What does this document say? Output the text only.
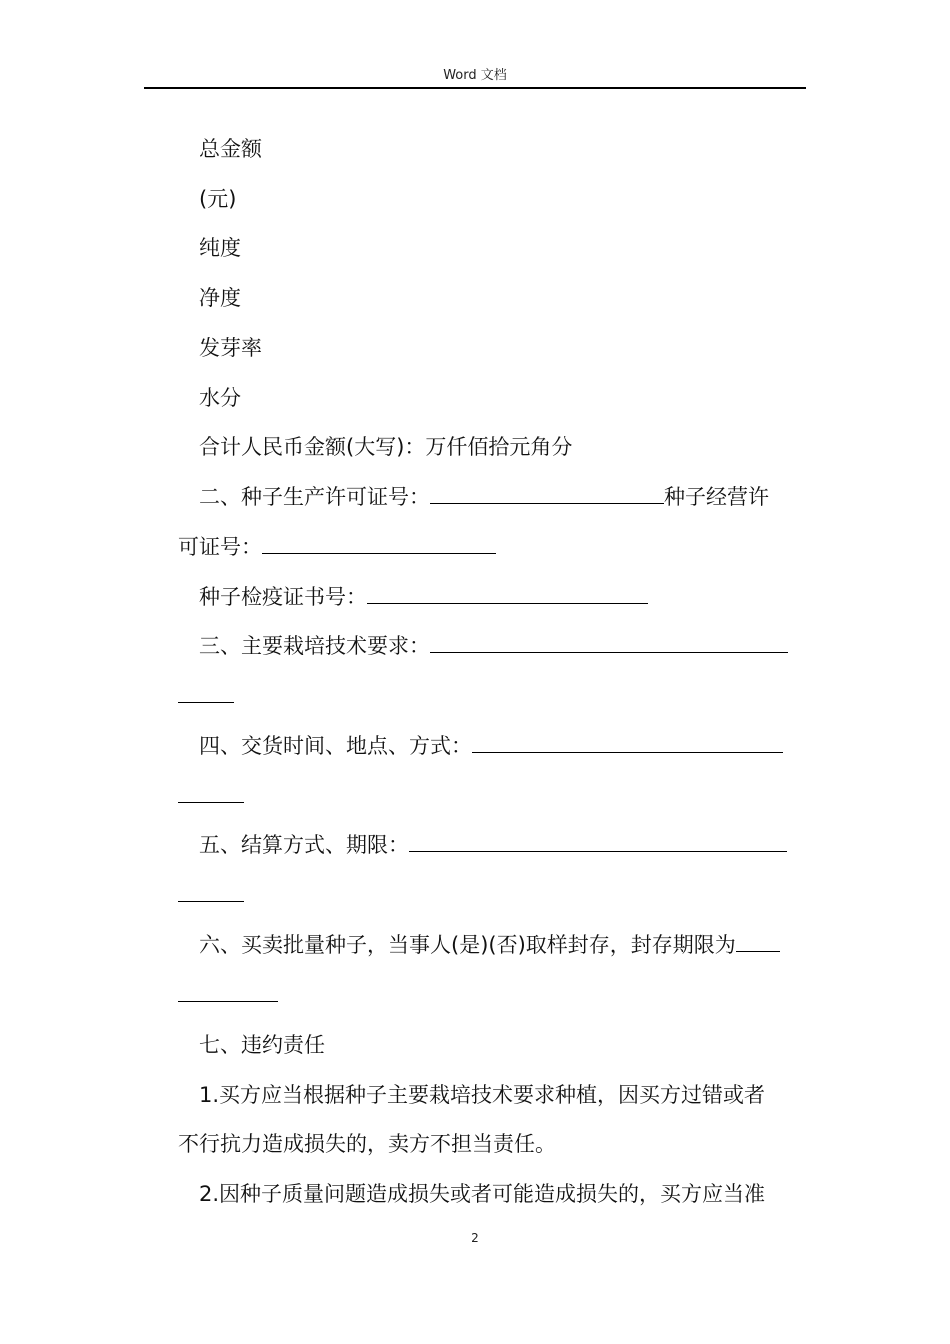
Word 文档
总金额
(元)
纯度
净度
发芽率
水分
合计人民币金额(大写)：万仟佰拾元角分
二、种子生产许可证号：	种子经营许
可证号：
种子检疫证书号：
三、主要栽培技术要求：
四、交货时间、地点、方式：
五、结算方式、期限：
六、买卖批量种子，当事人(是)(否)取样封存，封存期限为
七、违约责任
1.买方应当根据种子主要栽培技术要求种植，因买方过错或者
不行抗力造成损失的，卖方不担当责任。
2.因种子质量问题造成损失或者可能造成损失的，买方应当准
2
